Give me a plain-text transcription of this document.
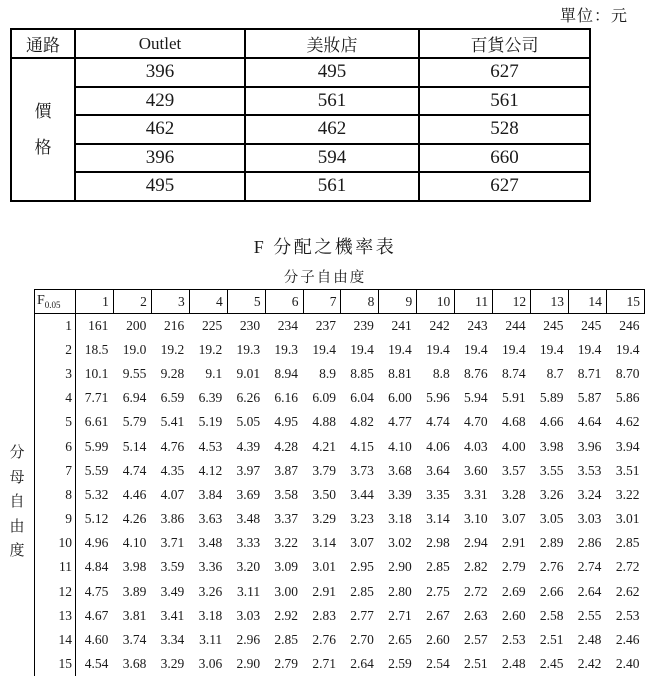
單位：元
通路	Outlet	美妝店	百貨公司

價
格	396	495	627
	429	561	561
	462	462	528
	396	594	660
	495	561	627
F 分配之機率表
分子自由度
分
母
自
由
度
$F_{0.05}$	1	2	3	4	5	6	7	8	9	10	11	12	13	14	15
1	161	200	216	225	230	234	237	239	241	242	243	244	245	245	246
2	18.5	19.0	19.2	19.2	19.3	19.3	19.4	19.4	19.4	19.4	19.4	19.4	19.4	19.4	19.4
3	10.1	9.55	9.28	9.1	9.01	8.94	8.9	8.85	8.81	8.8	8.76	8.74	8.7	8.71	8.70
4	7.71	6.94	6.59	6.39	6.26	6.16	6.09	6.04	6.00	5.96	5.94	5.91	5.89	5.87	5.86
5	6.61	5.79	5.41	5.19	5.05	4.95	4.88	4.82	4.77	4.74	4.70	4.68	4.66	4.64	4.62
6	5.99	5.14	4.76	4.53	4.39	4.28	4.21	4.15	4.10	4.06	4.03	4.00	3.98	3.96	3.94
7	5.59	4.74	4.35	4.12	3.97	3.87	3.79	3.73	3.68	3.64	3.60	3.57	3.55	3.53	3.51
8	5.32	4.46	4.07	3.84	3.69	3.58	3.50	3.44	3.39	3.35	3.31	3.28	3.26	3.24	3.22
9	5.12	4.26	3.86	3.63	3.48	3.37	3.29	3.23	3.18	3.14	3.10	3.07	3.05	3.03	3.01
10	4.96	4.10	3.71	3.48	3.33	3.22	3.14	3.07	3.02	2.98	2.94	2.91	2.89	2.86	2.85
11	4.84	3.98	3.59	3.36	3.20	3.09	3.01	2.95	2.90	2.85	2.82	2.79	2.76	2.74	2.72
12	4.75	3.89	3.49	3.26	3.11	3.00	2.91	2.85	2.80	2.75	2.72	2.69	2.66	2.64	2.62
13	4.67	3.81	3.41	3.18	3.03	2.92	2.83	2.77	2.71	2.67	2.63	2.60	2.58	2.55	2.53
14	4.60	3.74	3.34	3.11	2.96	2.85	2.76	2.70	2.65	2.60	2.57	2.53	2.51	2.48	2.46
15	4.54	3.68	3.29	3.06	2.90	2.79	2.71	2.64	2.59	2.54	2.51	2.48	2.45	2.42	2.40
